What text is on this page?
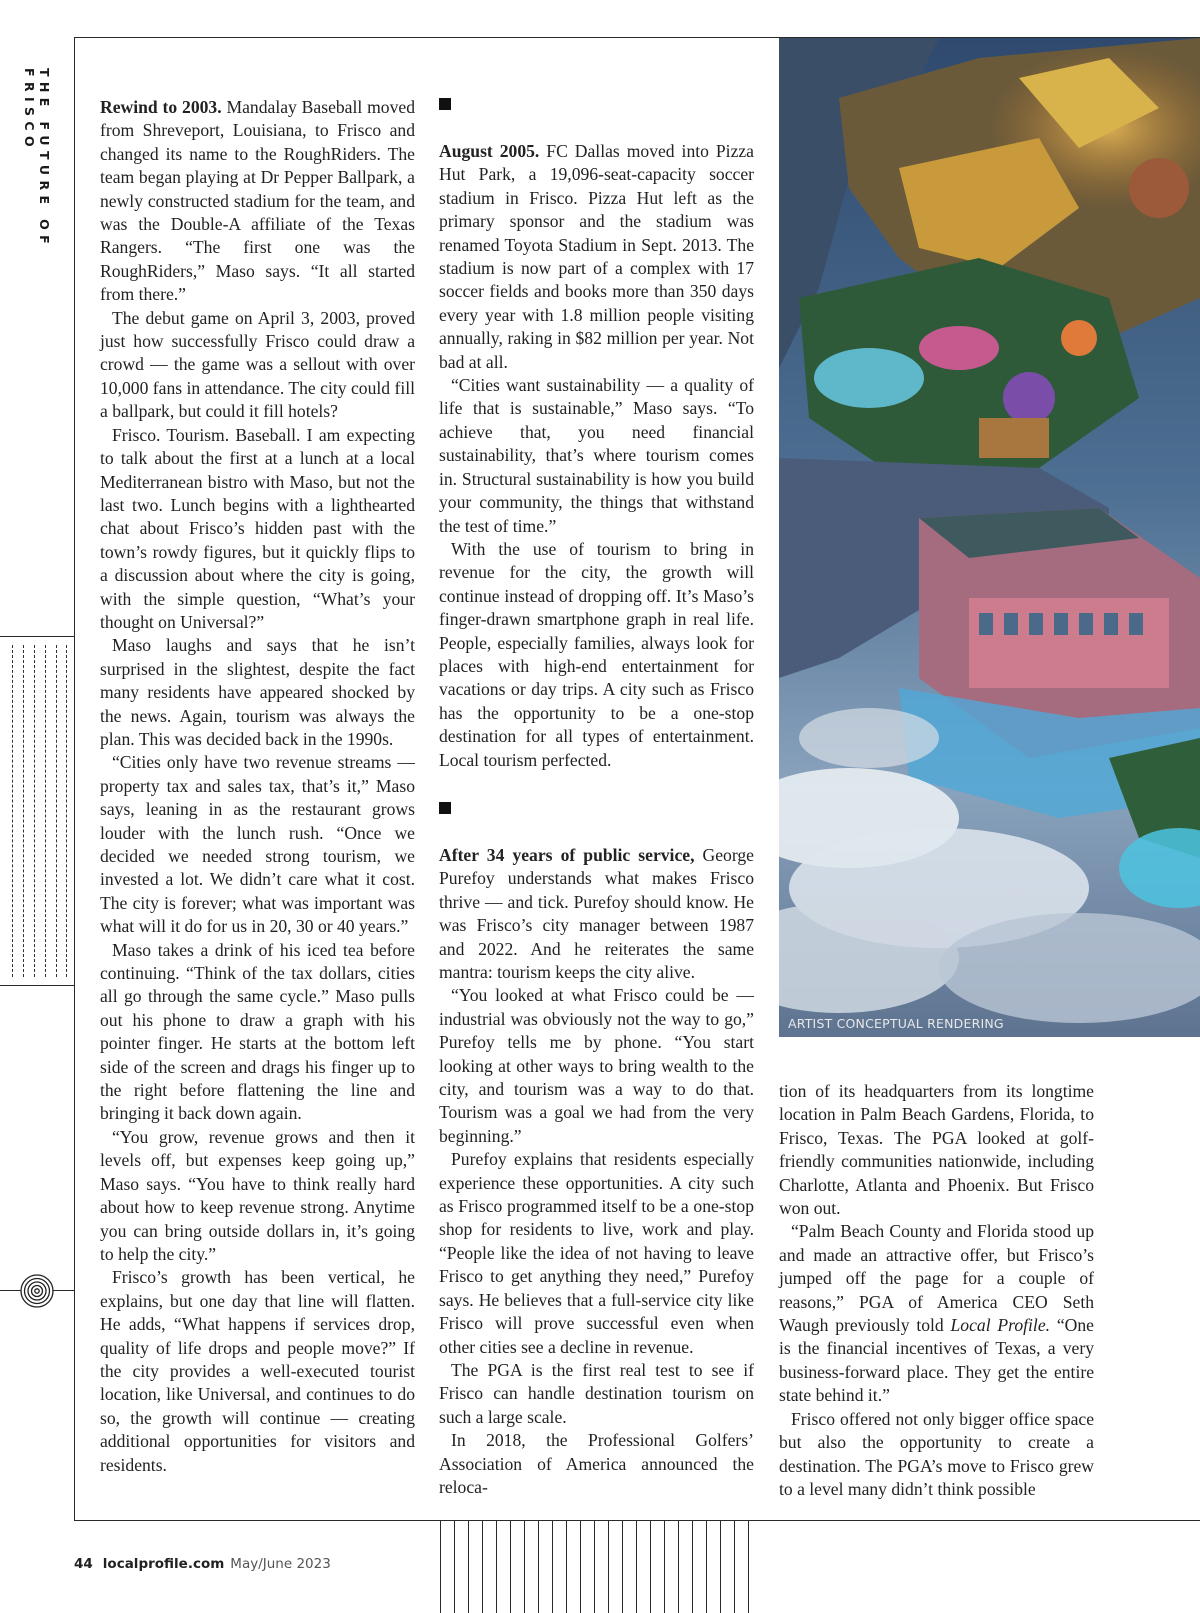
THE FUTURE OF FRISCO	Rewind to 2003. Mandalay Baseball moved from Shreveport, Louisiana, to Frisco and changed its name to the RoughRiders. The team began playing at Dr Pepper Ballpark, a newly constructed stadium for the team, and was the Double-A affiliate of the Texas Rangers. “The first one was the RoughRiders,” Maso says. “It all started from there.”

The debut game on April 3, 2003, proved just how successfully Frisco could draw a crowd — the game was a sellout with over 10,000 fans in attendance. The city could fill a ballpark, but could it fill hotels?

Frisco. Tourism. Baseball. I am expecting to talk about the first at a lunch at a local Mediterranean bistro with Maso, but not the last two. Lunch begins with a lighthearted chat about Frisco’s hidden past with the town’s rowdy figures, but it quickly flips to a discussion about where the city is going, with the simple question, “What’s your thought on Universal?”

Maso laughs and says that he isn’t surprised in the slightest, despite the fact many residents have appeared shocked by the news. Again, tourism was always the plan. This was decided back in the 1990s.

“Cities only have two revenue streams — property tax and sales tax, that’s it,” Maso says, leaning in as the restaurant grows louder with the lunch rush. “Once we decided we needed strong tourism, we invested a lot. We didn’t care what it cost. The city is forever; what was important was what will it do for us in 20, 30 or 40 years.”

Maso takes a drink of his iced tea before continuing. “Think of the tax dollars, cities all go through the same cycle.” Maso pulls out his phone to draw a graph with his pointer finger. He starts at the bottom left side of the screen and drags his finger up to the right before flattening the line and bringing it back down again.

“You grow, revenue grows and then it levels off, but expenses keep going up,” Maso says. “You have to think really hard about how to keep revenue strong. Anytime you can bring outside dollars in, it’s going to help the city.”

Frisco’s growth has been vertical, he explains, but one day that line will flatten. He adds, “What happens if services drop, quality of life drops and people move?” If the city provides a well-executed tourist location, like Universal, and continues to do so, the growth will continue — creating additional opportunities for visitors and residents.

August 2005. FC Dallas moved into Pizza Hut Park, a 19,096-seat-capacity soccer stadium in Frisco. Pizza Hut left as the primary sponsor and the stadium was renamed Toyota Stadium in Sept. 2013. The stadium is now part of a complex with 17 soccer fields and books more than 350 days every year with 1.8 million people visiting annually, raking in $82 million per year. Not bad at all.

“Cities want sustainability — a quality of life that is sustainable,” Maso says. “To achieve that, you need financial sustainability, that’s where tourism comes in. Structural sustainability is how you build your community, the things that withstand the test of time.”

With the use of tourism to bring in revenue for the city, the growth will continue instead of dropping off. It’s Maso’s finger-drawn smartphone graph in real life. People, especially families, always look for places with high-end entertainment for vacations or day trips. A city such as Frisco has the opportunity to be a one-stop destination for all types of entertainment. Local tourism perfected.

After 34 years of public service, George Purefoy understands what makes Frisco thrive — and tick. Purefoy should know. He was Frisco’s city manager between 1987 and 2022. And he reiterates the same mantra: tourism keeps the city alive.

“You looked at what Frisco could be — industrial was obviously not the way to go,” Purefoy tells me by phone. “You start looking at other ways to bring wealth to the city, and tourism was a way to do that. Tourism was a goal we had from the very beginning.”

Purefoy explains that residents especially experience these opportunities. A city such as Frisco programmed itself to be a one-stop shop for residents to live, work and play. “People like the idea of not having to leave Frisco to get anything they need,” Purefoy says. He believes that a full-service city like Frisco will prove successful even when other cities see a decline in revenue.

The PGA is the first real test to see if Frisco can handle destination tourism on such a large scale.

In 2018, the Professional Golfers’ Association of America announced the reloca-

ARTIST CONCEPTUAL RENDERING

tion of its headquarters from its longtime location in Palm Beach Gardens, Florida, to Frisco, Texas. The PGA looked at golf-friendly communities nationwide, including Charlotte, Atlanta and Phoenix. But Frisco won out.

“Palm Beach County and Florida stood up and made an attractive offer, but Frisco’s jumped off the page for a couple of reasons,” PGA of America CEO Seth Waugh previously told Local Profile. “One is the financial incentives of Texas, a very business-forward place. They get the entire state behind it.”

Frisco offered not only bigger office space but also the opportunity to create a destination. The PGA’s move to Frisco grew to a level many didn’t think possible

44 localprofile.com May/June 2023
